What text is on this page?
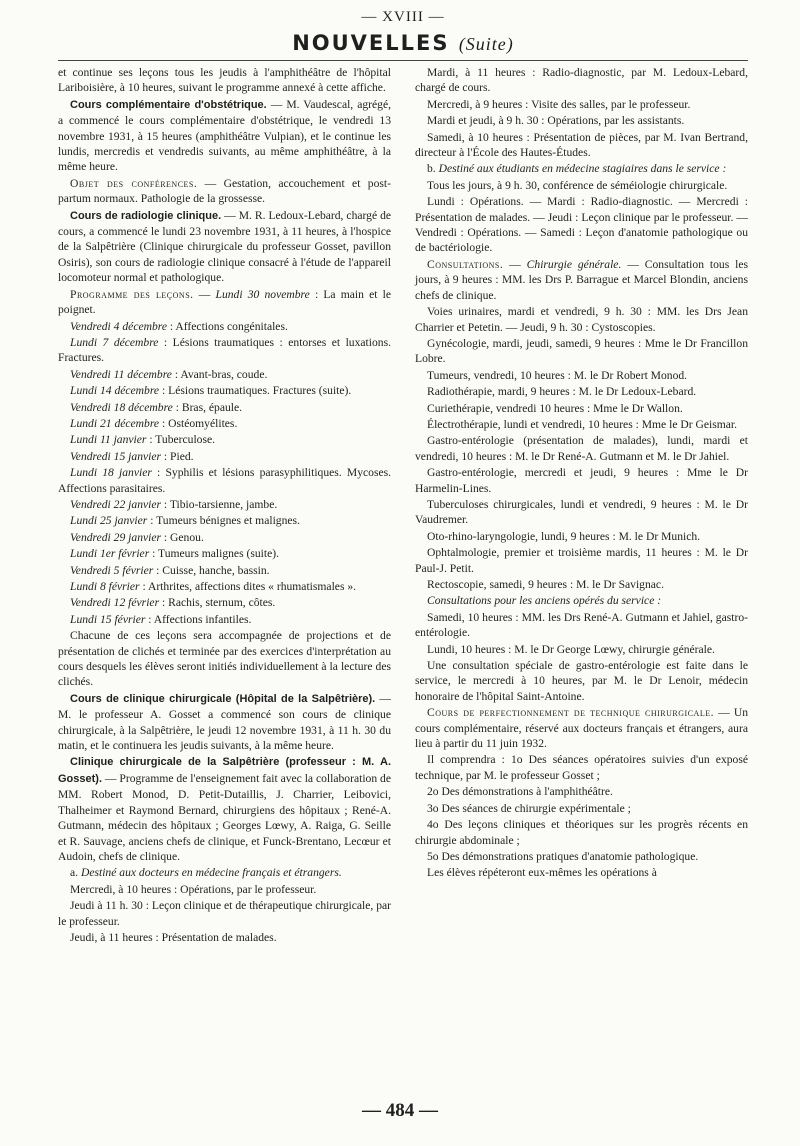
— XVIII —
NOUVELLES (Suite)

et continue ses leçons tous les jeudis à l'amphithéâtre de l'hôpital Lariboisière, à 10 heures, suivant le programme annexé à cette affiche.

Cours complémentaire d'obstétrique. — M. Vaudescal, agrégé, a commencé le cours complémentaire d'obstétrique, le vendredi 13 novembre 1931, à 15 heures (amphithéâtre Vulpian), et le continue les lundis, mercredis et vendredis suivants, au même amphithéâtre, à la même heure.

Objet des conférences. — Gestation, accouchement et post-partum normaux. Pathologie de la grossesse.

Cours de radiologie clinique. — M. R. Ledoux-Lebard, chargé de cours, a commencé le lundi 23 novembre 1931, à 11 heures, à l'hospice de la Salpêtrière (Clinique chirurgicale du professeur Gosset, pavillon Osiris), son cours de radiologie clinique consacré à l'étude de l'appareil locomoteur normal et pathologique.

Programme des leçons. — Lundi 30 novembre : La main et le poignet.

Vendredi 4 décembre : Affections congénitales.

Lundi 7 décembre : Lésions traumatiques : entorses et luxations. Fractures.

Vendredi 11 décembre : Avant-bras, coude.

Lundi 14 décembre : Lésions traumatiques. Fractures (suite).

Vendredi 18 décembre : Bras, épaule.

Lundi 21 décembre : Ostéomyélites.

Lundi 11 janvier : Tuberculose.

Vendredi 15 janvier : Pied.

Lundi 18 janvier : Syphilis et lésions parasyphilitiques. Mycoses. Affections parasitaires.

Vendredi 22 janvier : Tibio-tarsienne, jambe.

Lundi 25 janvier : Tumeurs bénignes et malignes.

Vendredi 29 janvier : Genou.

Lundi 1er février : Tumeurs malignes (suite).

Vendredi 5 février : Cuisse, hanche, bassin.

Lundi 8 février : Arthrites, affections dites « rhumatismales ».

Vendredi 12 février : Rachis, sternum, côtes.

Lundi 15 février : Affections infantiles.

Chacune de ces leçons sera accompagnée de projections et de présentation de clichés et terminée par des exercices d'interprétation au cours desquels les élèves seront initiés individuellement à la lecture des clichés.

Cours de clinique chirurgicale (Hôpital de la Salpêtrière). — M. le professeur A. Gosset a commencé son cours de clinique chirurgicale, à la Salpêtrière, le jeudi 12 novembre 1931, à 11 h. 30 du matin, et le continuera les jeudis suivants, à la même heure.

Clinique chirurgicale de la Salpêtrière (professeur : M. A. Gosset). — Programme de l'enseignement fait avec la collaboration de MM. Robert Monod, D. Petit-Dutaillis, J. Charrier, Leibovici, Thalheimer et Raymond Bernard, chirurgiens des hôpitaux ; René-A. Gutmann, médecin des hôpitaux ; Georges Lœwy, A. Raiga, G. Seille et R. Sauvage, anciens chefs de clinique, et Funck-Brentano, Lecœur et Audoin, chefs de clinique.

a. Destiné aux docteurs en médecine français et étrangers.

Mercredi, à 10 heures : Opérations, par le professeur.

Jeudi à 11 h. 30 : Leçon clinique et de thérapeutique chirurgicale, par le professeur.

Jeudi, à 11 heures : Présentation de malades.

Mardi, à 11 heures : Radio-diagnostic, par M. Ledoux-Lebard, chargé de cours.

Mercredi, à 9 heures : Visite des salles, par le professeur.

Mardi et jeudi, à 9 h. 30 : Opérations, par les assistants.

Samedi, à 10 heures : Présentation de pièces, par M. Ivan Bertrand, directeur à l'École des Hautes-Études.

b. Destiné aux étudiants en médecine stagiaires dans le service :

Tous les jours, à 9 h. 30, conférence de séméiologie chirurgicale.

Lundi : Opérations. — Mardi : Radio-diagnostic. — Mercredi : Présentation de malades. — Jeudi : Leçon clinique par le professeur. — Vendredi : Opérations. — Samedi : Leçon d'anatomie pathologique ou de bactériologie.

Consultations. — Chirurgie générale. — Consultation tous les jours, à 9 heures : MM. les Drs P. Barrague et Marcel Blondin, anciens chefs de clinique.

Voies urinaires, mardi et vendredi, 9 h. 30 : MM. les Drs Jean Charrier et Petetin. — Jeudi, 9 h. 30 : Cystoscopies.

Gynécologie, mardi, jeudi, samedi, 9 heures : Mme le Dr Francillon Lobre.

Tumeurs, vendredi, 10 heures : M. le Dr Robert Monod.

Radiothérapie, mardi, 9 heures : M. le Dr Ledoux-Lebard.

Curiethérapie, vendredi 10 heures : Mme le Dr Wallon.

Électrothérapie, lundi et vendredi, 10 heures : Mme le Dr Geismar.

Gastro-entérologie (présentation de malades), lundi, mardi et vendredi, 10 heures : M. le Dr René-A. Gutmann et M. le Dr Jahiel.

Gastro-entérologie, mercredi et jeudi, 9 heures : Mme le Dr Harmelin-Lines.

Tuberculoses chirurgicales, lundi et vendredi, 9 heures : M. le Dr Vaudremer.

Oto-rhino-laryngologie, lundi, 9 heures : M. le Dr Munich.

Ophtalmologie, premier et troisième mardis, 11 heures : M. le Dr Paul-J. Petit.

Rectoscopie, samedi, 9 heures : M. le Dr Savignac.

Consultations pour les anciens opérés du service :

Samedi, 10 heures : MM. les Drs René-A. Gutmann et Jahiel, gastro-entérologie.

Lundi, 10 heures : M. le Dr George Lœwy, chirurgie générale.

Une consultation spéciale de gastro-entérologie est faite dans le service, le mercredi à 10 heures, par M. le Dr Lenoir, médecin honoraire de l'hôpital Saint-Antoine.

Cours de perfectionnement de technique chirurgicale. — Un cours complémentaire, réservé aux docteurs français et étrangers, aura lieu à partir du 11 juin 1932.

Il comprendra : 1o Des séances opératoires suivies d'un exposé technique, par M. le professeur Gosset ;

2o Des démonstrations à l'amphithéâtre.

3o Des séances de chirurgie expérimentale ;

4o Des leçons cliniques et théoriques sur les progrès récents en chirurgie abdominale ;

5o Des démonstrations pratiques d'anatomie pathologique.

Les élèves répéteront eux-mêmes les opérations à

— 484 —
